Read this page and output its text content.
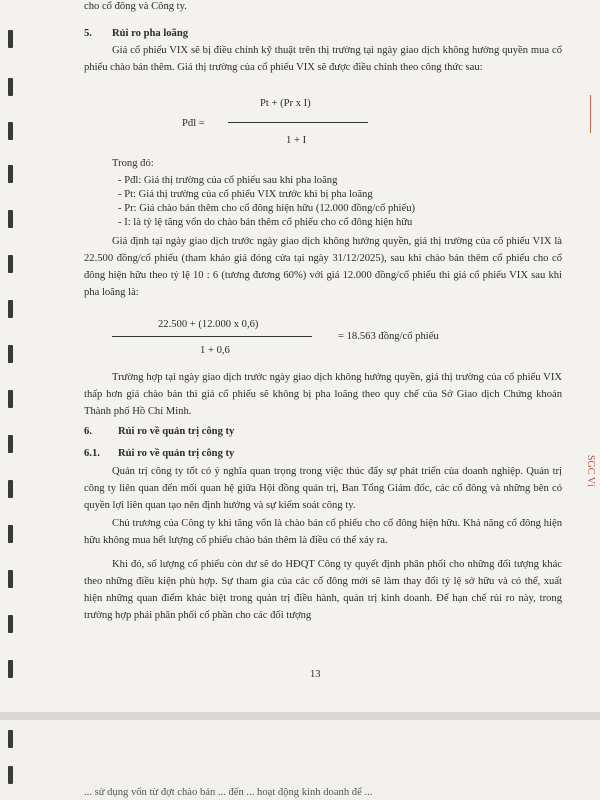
SGC Ví
cho cổ đông và Công ty.
5. Rủi ro pha loãng
Giá cổ phiếu VIX sẽ bị điều chỉnh kỹ thuật trên thị trường tại ngày giao dịch không hưởng quyền mua cổ phiếu chào bán thêm. Giá thị trường của cổ phiếu VIX sẽ được điều chỉnh theo công thức sau:
Pđl =
Pt + (Pr x I)
1 + I
Trong đó:
- Pđl: Giá thị trường của cổ phiếu sau khi pha loãng
- Pt: Giá thị trường của cổ phiếu VIX trước khi bị pha loãng
- Pr: Giá chào bán thêm cho cổ đông hiện hữu (12.000 đồng/cổ phiếu)
- I: là tỷ lệ tăng vốn do chào bán thêm cổ phiếu cho cổ đông hiện hữu
Giả định tại ngày giao dịch trước ngày giao dịch không hưởng quyền, giá thị trường của cổ phiếu VIX là 22.500 đồng/cổ phiếu (tham khảo giá đóng cửa tại ngày 31/12/2025), sau khi chào bán thêm cổ phiếu cho cổ đông hiện hữu theo tỷ lệ 10 : 6 (tương đương 60%) với giá 12.000 đồng/cổ phiếu thì giá cổ phiếu VIX sau khi pha loãng là:
22.500 + (12.000 x 0,6)
= 18.563 đồng/cổ phiếu
1 + 0,6
Trường hợp tại ngày giao dịch trước ngày giao dịch không hưởng quyền, giá thị trường của cổ phiếu VIX thấp hơn giá chào bán thì giá cổ phiếu sẽ không bị pha loãng theo quy chế của Sở Giao dịch Chứng khoán Thành phố Hồ Chí Minh.
6. Rủi ro về quản trị công ty
6.1. Rủi ro về quản trị công ty
Quản trị công ty tốt có ý nghĩa quan trọng trong việc thúc đẩy sự phát triển của doanh nghiệp. Quản trị công ty liên quan đến mối quan hệ giữa Hội đồng quản trị, Ban Tổng Giám đốc, các cổ đông và những bên có quyền lợi liên quan tạo nên định hướng và sự kiểm soát công ty.
Chủ trương của Công ty khi tăng vốn là chào bán cổ phiếu cho cổ đông hiện hữu. Khả năng cổ đông hiện hữu không mua hết lượng cổ phiếu chào bán thêm là điều có thể xảy ra.
Khi đó, số lượng cổ phiếu còn dư sẽ do HĐQT Công ty quyết định phân phối cho những đối tượng khác theo những điều kiện phù hợp. Sự tham gia của các cổ đông mới sẽ làm thay đổi tỷ lệ sở hữu và có thể, xuất hiện những quan điểm khác biệt trong quản trị điều hành, quản trị kinh doanh. Để hạn chế rủi ro này, trong trường hợp phải phân phối cổ phần cho các đối tượng
13
... sử dụng vốn từ đợt chào bán ... đến ... hoạt động kinh doanh để ...
